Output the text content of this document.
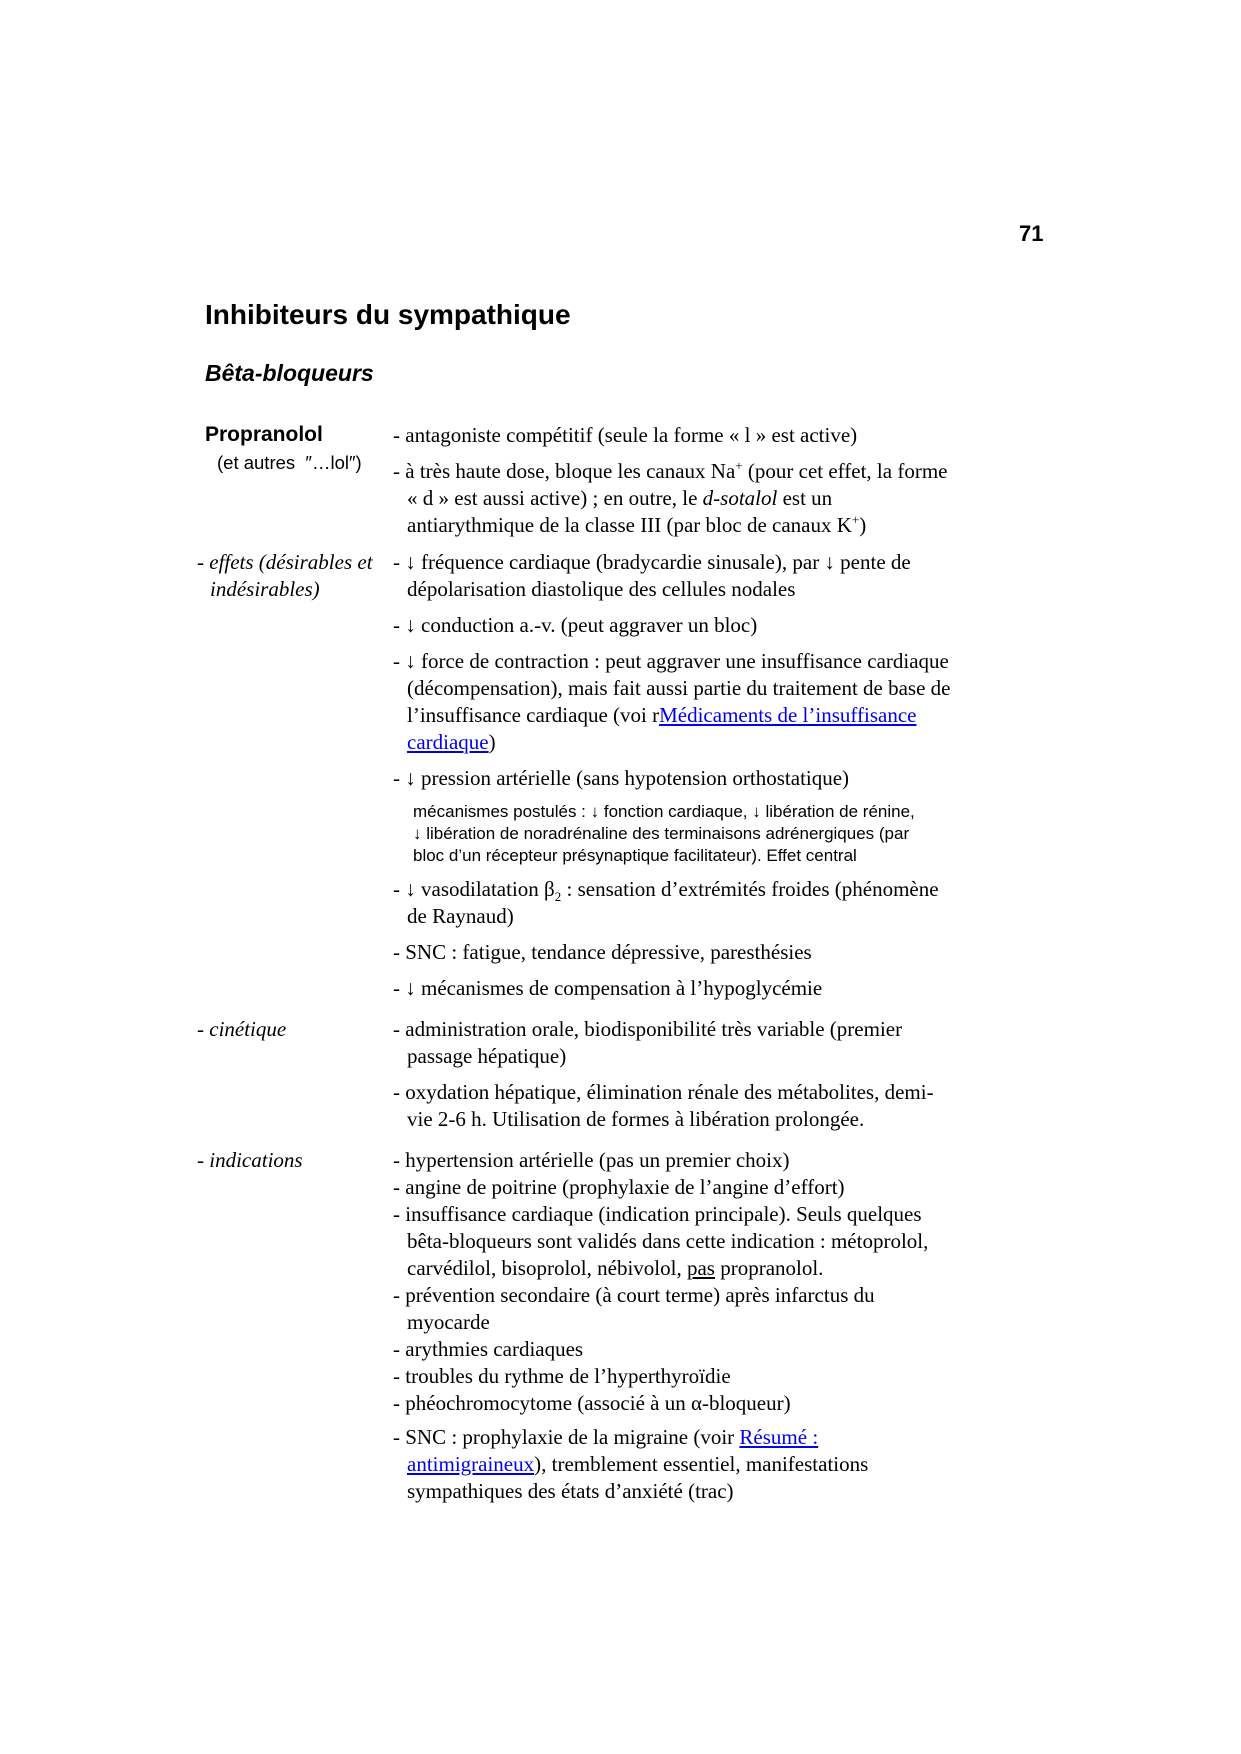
71
Inhibiteurs du sympathique
Bêta-bloqueurs
Propranolol
(et autres  ″…lol″)
- antagoniste compétitif (seule la forme « l » est active)
- à très haute dose, bloque les canaux Na+ (pour cet effet, la forme
« d » est aussi active) ; en outre, le d-sotalol est un
antiarythmique de la classe III (par bloc de canaux K+)
- effets (désirables et
indésirables)
- ↓ fréquence cardiaque (bradycardie sinusale), par ↓ pente de
dépolarisation diastolique des cellules nodales
- ↓ conduction a.-v. (peut aggraver un bloc)
- ↓ force de contraction : peut aggraver une insuffisance cardiaque
(décompensation), mais fait aussi partie du traitement de base de
l’insuffisance cardiaque (voi rMédicaments de l’insuffisance
cardiaque)
- ↓ pression artérielle (sans hypotension orthostatique)
mécanismes postulés : ↓ fonction cardiaque, ↓ libération de rénine,
↓ libération de noradrénaline des terminaisons adrénergiques (par
bloc d’un récepteur présynaptique facilitateur). Effet central
- ↓ vasodilatation $\beta_2$ : sensation d’extrémités froides (phénomène
de Raynaud)
- SNC : fatigue, tendance dépressive, paresthésies
- ↓ mécanismes de compensation à l’hypoglycémie
- cinétique	- administration orale, biodisponibilité très variable (premier
passage hépatique)
- oxydation hépatique, élimination rénale des métabolites, demi-
vie 2-6 h. Utilisation de formes à libération prolongée.
- indications	- hypertension artérielle (pas un premier choix)
- angine de poitrine (prophylaxie de l’angine d’effort)
- insuffisance cardiaque (indication principale). Seuls quelques
bêta-bloqueurs sont validés dans cette indication : métoprolol,
carvédilol, bisoprolol, nébivolol, pas propranolol.
- prévention secondaire (à court terme) après infarctus du
myocarde
- arythmies cardiaques
- troubles du rythme de l’hyperthyroïdie
- phéochromocytome (associé à un α-bloqueur)
- SNC : prophylaxie de la migraine (voir Résumé :
antimigraineux), tremblement essentiel, manifestations
sympathiques des états d’anxiété (trac)
